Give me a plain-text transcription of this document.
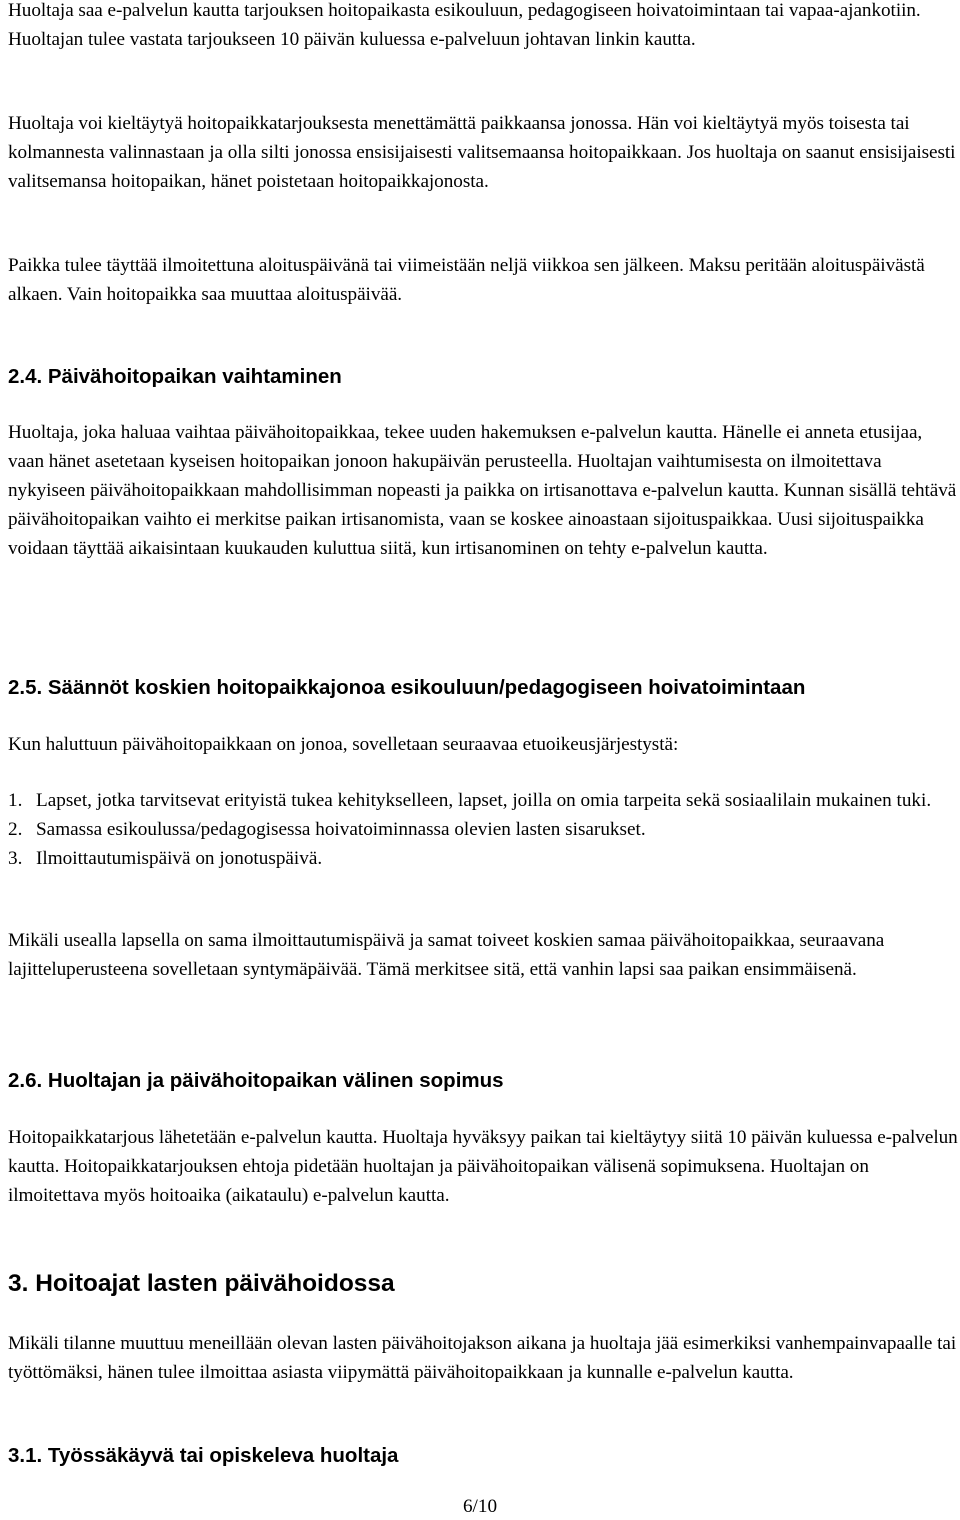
Huoltaja saa e-palvelun kautta tarjouksen hoitopaikasta esikouluun, pedagogiseen hoivatoimintaan tai vapaa-ajankotiin. Huoltajan tulee vastata tarjoukseen 10 päivän kuluessa e-palveluun johtavan linkin kautta.

Huoltaja voi kieltäytyä hoitopaikkatarjouksesta menettämättä paikkaansa jonossa. Hän voi kieltäytyä myös toisesta tai kolmannesta valinnastaan ja olla silti jonossa ensisijaisesti valitsemaansa hoitopaikkaan. Jos huoltaja on saanut ensisijaisesti valitsemansa hoitopaikan, hänet poistetaan hoitopaikkajonosta.

Paikka tulee täyttää ilmoitettuna aloituspäivänä tai viimeistään neljä viikkoa sen jälkeen. Maksu peritään aloituspäivästä alkaen. Vain hoitopaikka saa muuttaa aloituspäivää.

2.4. Päivähoitopaikan vaihtaminen

Huoltaja, joka haluaa vaihtaa päivähoitopaikkaa, tekee uuden hakemuksen e-palvelun kautta. Hänelle ei anneta etusijaa, vaan hänet asetetaan kyseisen hoitopaikan jonoon hakupäivän perusteella. Huoltajan vaihtumisesta on ilmoitettava nykyiseen päivähoitopaikkaan mahdollisimman nopeasti ja paikka on irtisanottava e-palvelun kautta. Kunnan sisällä tehtävä päivähoitopaikan vaihto ei merkitse paikan irtisanomista, vaan se koskee ainoastaan sijoituspaikkaa. Uusi sijoituspaikka voidaan täyttää aikaisintaan kuukauden kuluttua siitä, kun irtisanominen on tehty e-palvelun kautta.

2.5. Säännöt koskien hoitopaikkajonoa esikouluun/pedagogiseen hoivatoimintaan

Kun haluttuun päivähoitopaikkaan on jonoa, sovelletaan seuraavaa etuoikeusjärjestystä:

1. Lapset, jotka tarvitsevat erityistä tukea kehitykselleen, lapset, joilla on omia tarpeita sekä sosiaalilain mukainen tuki.
2. Samassa esikoulussa/pedagogisessa hoivatoiminnassa olevien lasten sisarukset.
3. Ilmoittautumispäivä on jonotuspäivä.

Mikäli usealla lapsella on sama ilmoittautumispäivä ja samat toiveet koskien samaa päivähoitopaikkaa, seuraavana lajitteluperusteena sovelletaan syntymäpäivää. Tämä merkitsee sitä, että vanhin lapsi saa paikan ensimmäisenä.

2.6. Huoltajan ja päivähoitopaikan välinen sopimus

Hoitopaikkatarjous lähetetään e-palvelun kautta. Huoltaja hyväksyy paikan tai kieltäytyy siitä 10 päivän kuluessa e-palvelun kautta. Hoitopaikkatarjouksen ehtoja pidetään huoltajan ja päivähoitopaikan välisenä sopimuksena. Huoltajan on ilmoitettava myös hoitoaika (aikataulu) e-palvelun kautta.

3. Hoitoajat lasten päivähoidossa

Mikäli tilanne muuttuu meneillään olevan lasten päivähoitojakson aikana ja huoltaja jää esimerkiksi vanhempainvapaalle tai työttömäksi, hänen tulee ilmoittaa asiasta viipymättä päivähoitopaikkaan ja kunnalle e-palvelun kautta.

3.1. Työssäkäyvä tai opiskeleva huoltaja
6/10
